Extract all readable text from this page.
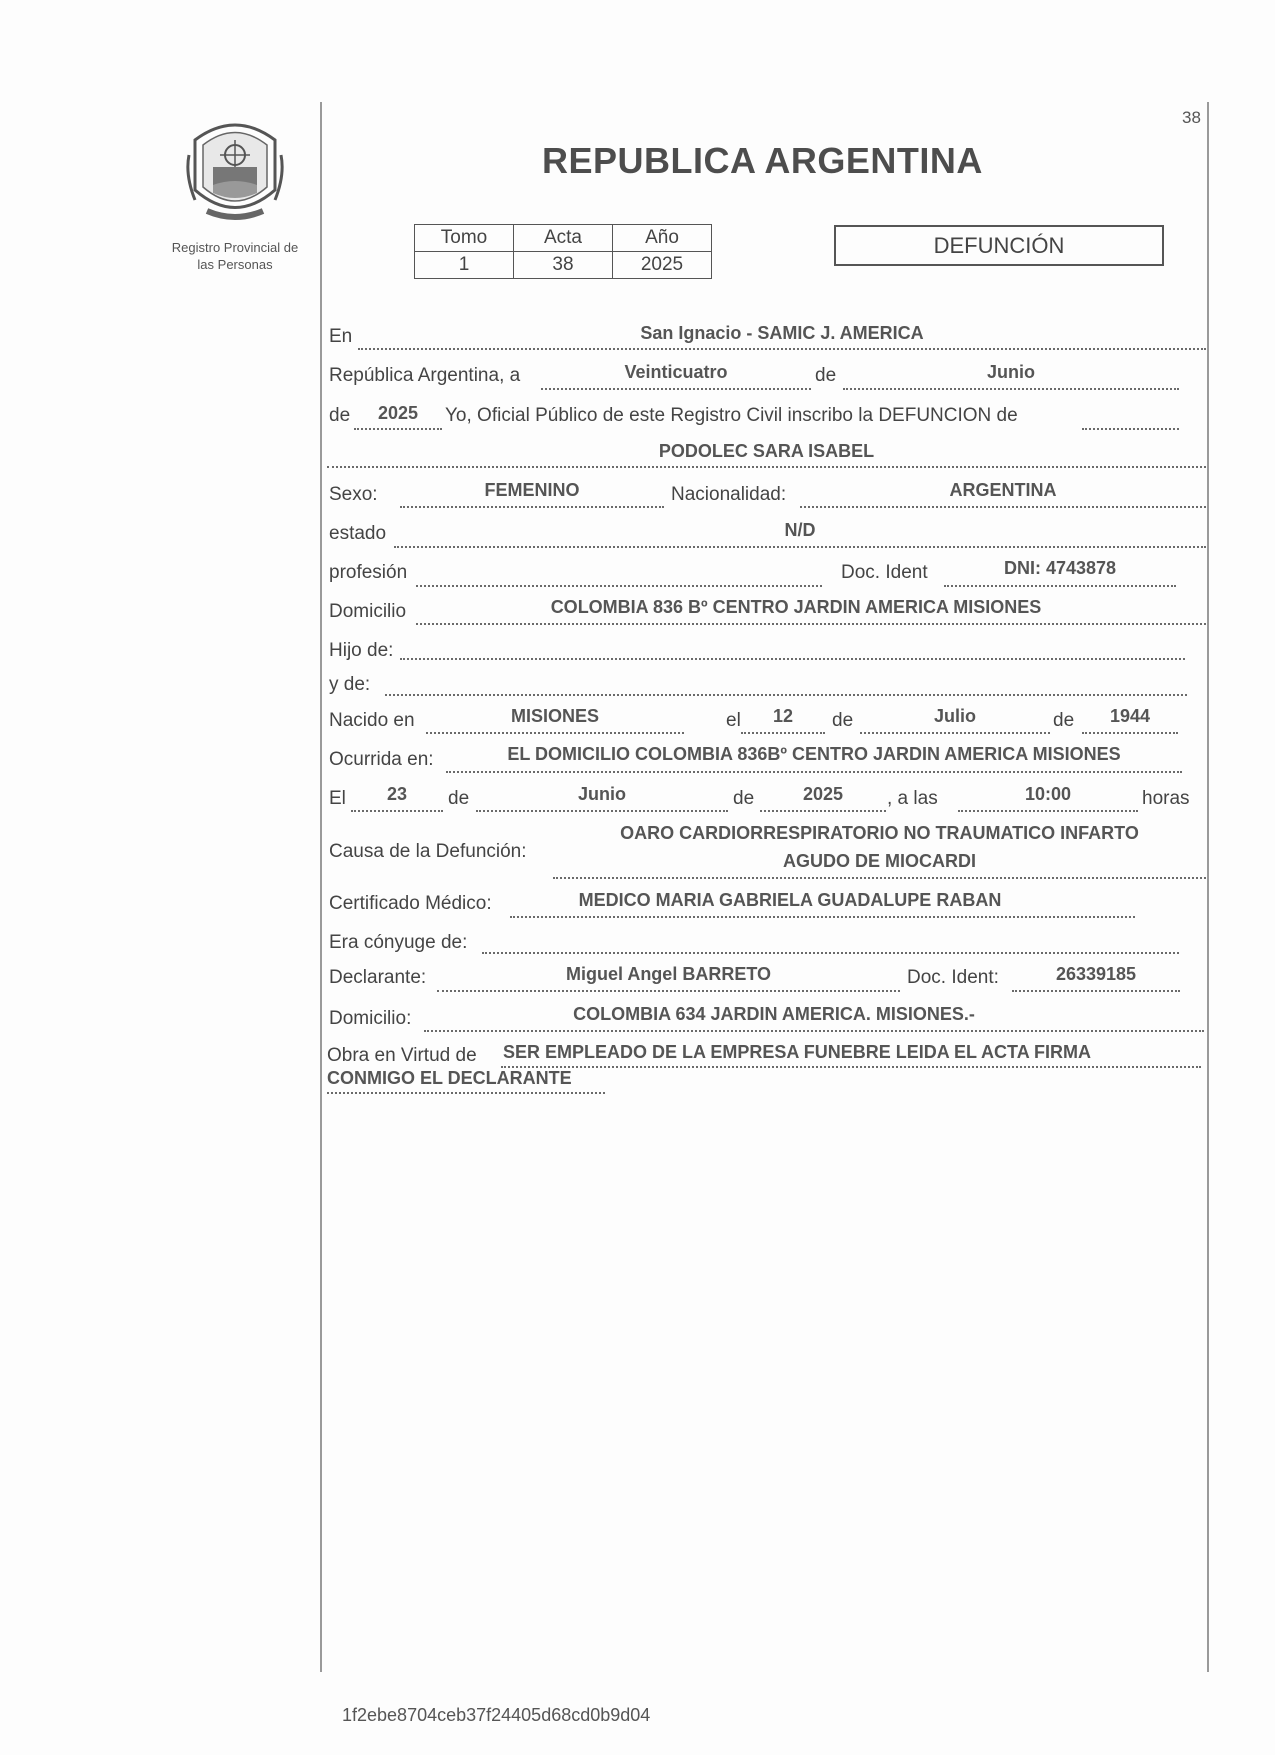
Registro Provincial de
las Personas
38
REPUBLICA ARGENTINA
Tomo	Acta	Año
1	38	2025
DEFUNCIÓN
En	San Ignacio - SAMIC J. AMERICA
República Argentina, a	Veinticuatro	de	Junio
de	2025	Yo, Oficial Público de este Registro Civil inscribo la DEFUNCION de
PODOLEC SARA ISABEL
Sexo:	FEMENINO	Nacionalidad:	ARGENTINA
estado	N/D
profesión	Doc. Ident	DNI: 4743878
Domicilio	COLOMBIA 836 Bº CENTRO JARDIN AMERICA MISIONES
Hijo de:
y de:
Nacido en	MISIONES	el	12	de	Julio	de	1944
Ocurrida en:	EL DOMICILIO COLOMBIA 836Bº CENTRO JARDIN AMERICA MISIONES
El	23	de	Junio	de	2025	, a las	10:00	horas
Causa de la Defunción:
OARO CARDIORRESPIRATORIO NO TRAUMATICO INFARTO
AGUDO DE MIOCARDI
Certificado Médico:	MEDICO MARIA GABRIELA GUADALUPE RABAN
Era cónyuge de:
Declarante:	Miguel Angel BARRETO	Doc. Ident:	26339185
Domicilio:	COLOMBIA 634 JARDIN AMERICA. MISIONES.-
Obra en Virtud de SER EMPLEADO DE LA EMPRESA FUNEBRE LEIDA EL ACTA FIRMA
CONMIGO EL DECLARANTE
1f2ebe8704ceb37f24405d68cd0b9d04
